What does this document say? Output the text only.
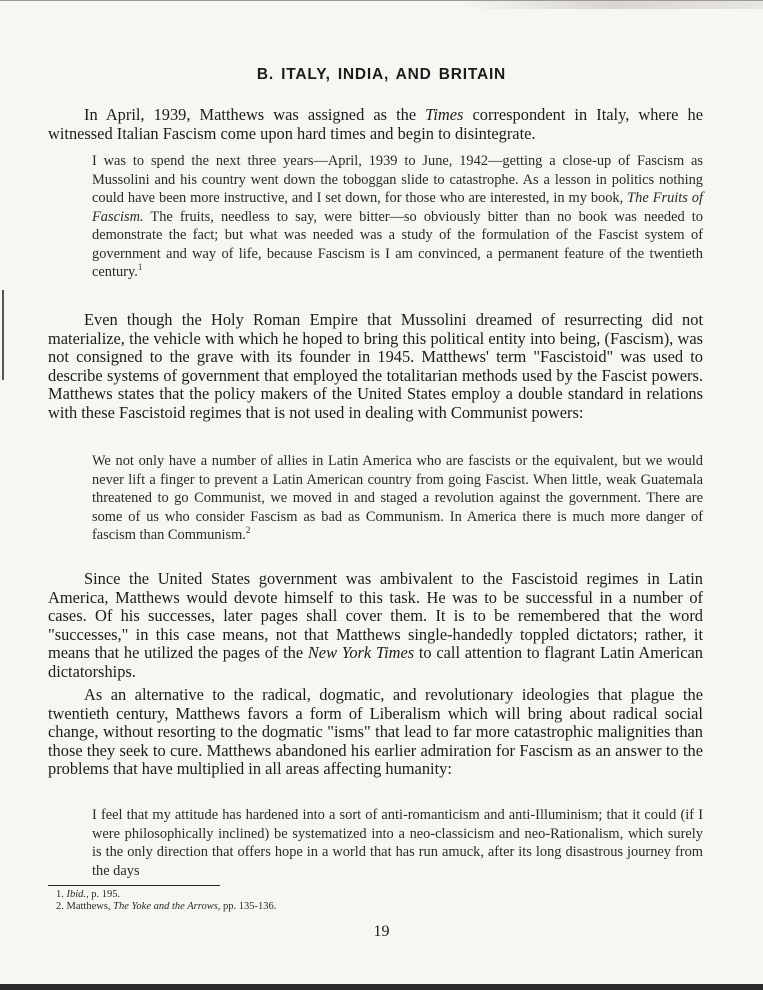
B. ITALY, INDIA, AND BRITAIN

In April, 1939, Matthews was assigned as the Times correspondent in Italy, where he witnessed Italian Fascism come upon hard times and begin to disintegrate.

I was to spend the next three years—April, 1939 to June, 1942—getting a close-up of Fascism as Mussolini and his country went down the toboggan slide to catastrophe. As a lesson in politics nothing could have been more instructive, and I set down, for those who are interested, in my book, The Fruits of Fascism. The fruits, needless to say, were bitter—so obviously bitter than no book was needed to demonstrate the fact; but what was needed was a study of the formulation of the Fascist system of government and way of life, because Fascism is I am convinced, a permanent feature of the twentieth century.$^1$

Even though the Holy Roman Empire that Mussolini dreamed of resurrecting did not materialize, the vehicle with which he hoped to bring this political entity into being, (Fascism), was not consigned to the grave with its founder in 1945. Matthews' term "Fascistoid" was used to describe systems of government that employed the totalitarian methods used by the Fascist powers. Matthews states that the policy makers of the United States employ a double standard in relations with these Fascistoid regimes that is not used in dealing with Communist powers:

We not only have a number of allies in Latin America who are fascists or the equivalent, but we would never lift a finger to prevent a Latin American country from going Fascist. When little, weak Guatemala threatened to go Communist, we moved in and staged a revolution against the government. There are some of us who consider Fascism as bad as Communism. In America there is much more danger of fascism than Communism.$^2$

Since the United States government was ambivalent to the Fascistoid regimes in Latin America, Matthews would devote himself to this task. He was to be successful in a number of cases. Of his successes, later pages shall cover them. It is to be remembered that the word "successes," in this case means, not that Matthews single-handedly toppled dictators; rather, it means that he utilized the pages of the New York Times to call attention to flagrant Latin American dictatorships.

As an alternative to the radical, dogmatic, and revolutionary ideologies that plague the twentieth century, Matthews favors a form of Liberalism which will bring about radical social change, without resorting to the dogmatic "isms" that lead to far more catastrophic malignities than those they seek to cure. Matthews abandoned his earlier admiration for Fascism as an answer to the problems that have multiplied in all areas affecting humanity:

I feel that my attitude has hardened into a sort of anti-romanticism and anti-Illuminism; that it could (if I were philosophically inclined) be systematized into a neo-classicism and neo-Rationalism, which surely is the only direction that offers hope in a world that has run amuck, after its long disastrous journey from the days

1. Ibid., p. 195.
2. Matthews, The Yoke and the Arrows, pp. 135-136.
19
